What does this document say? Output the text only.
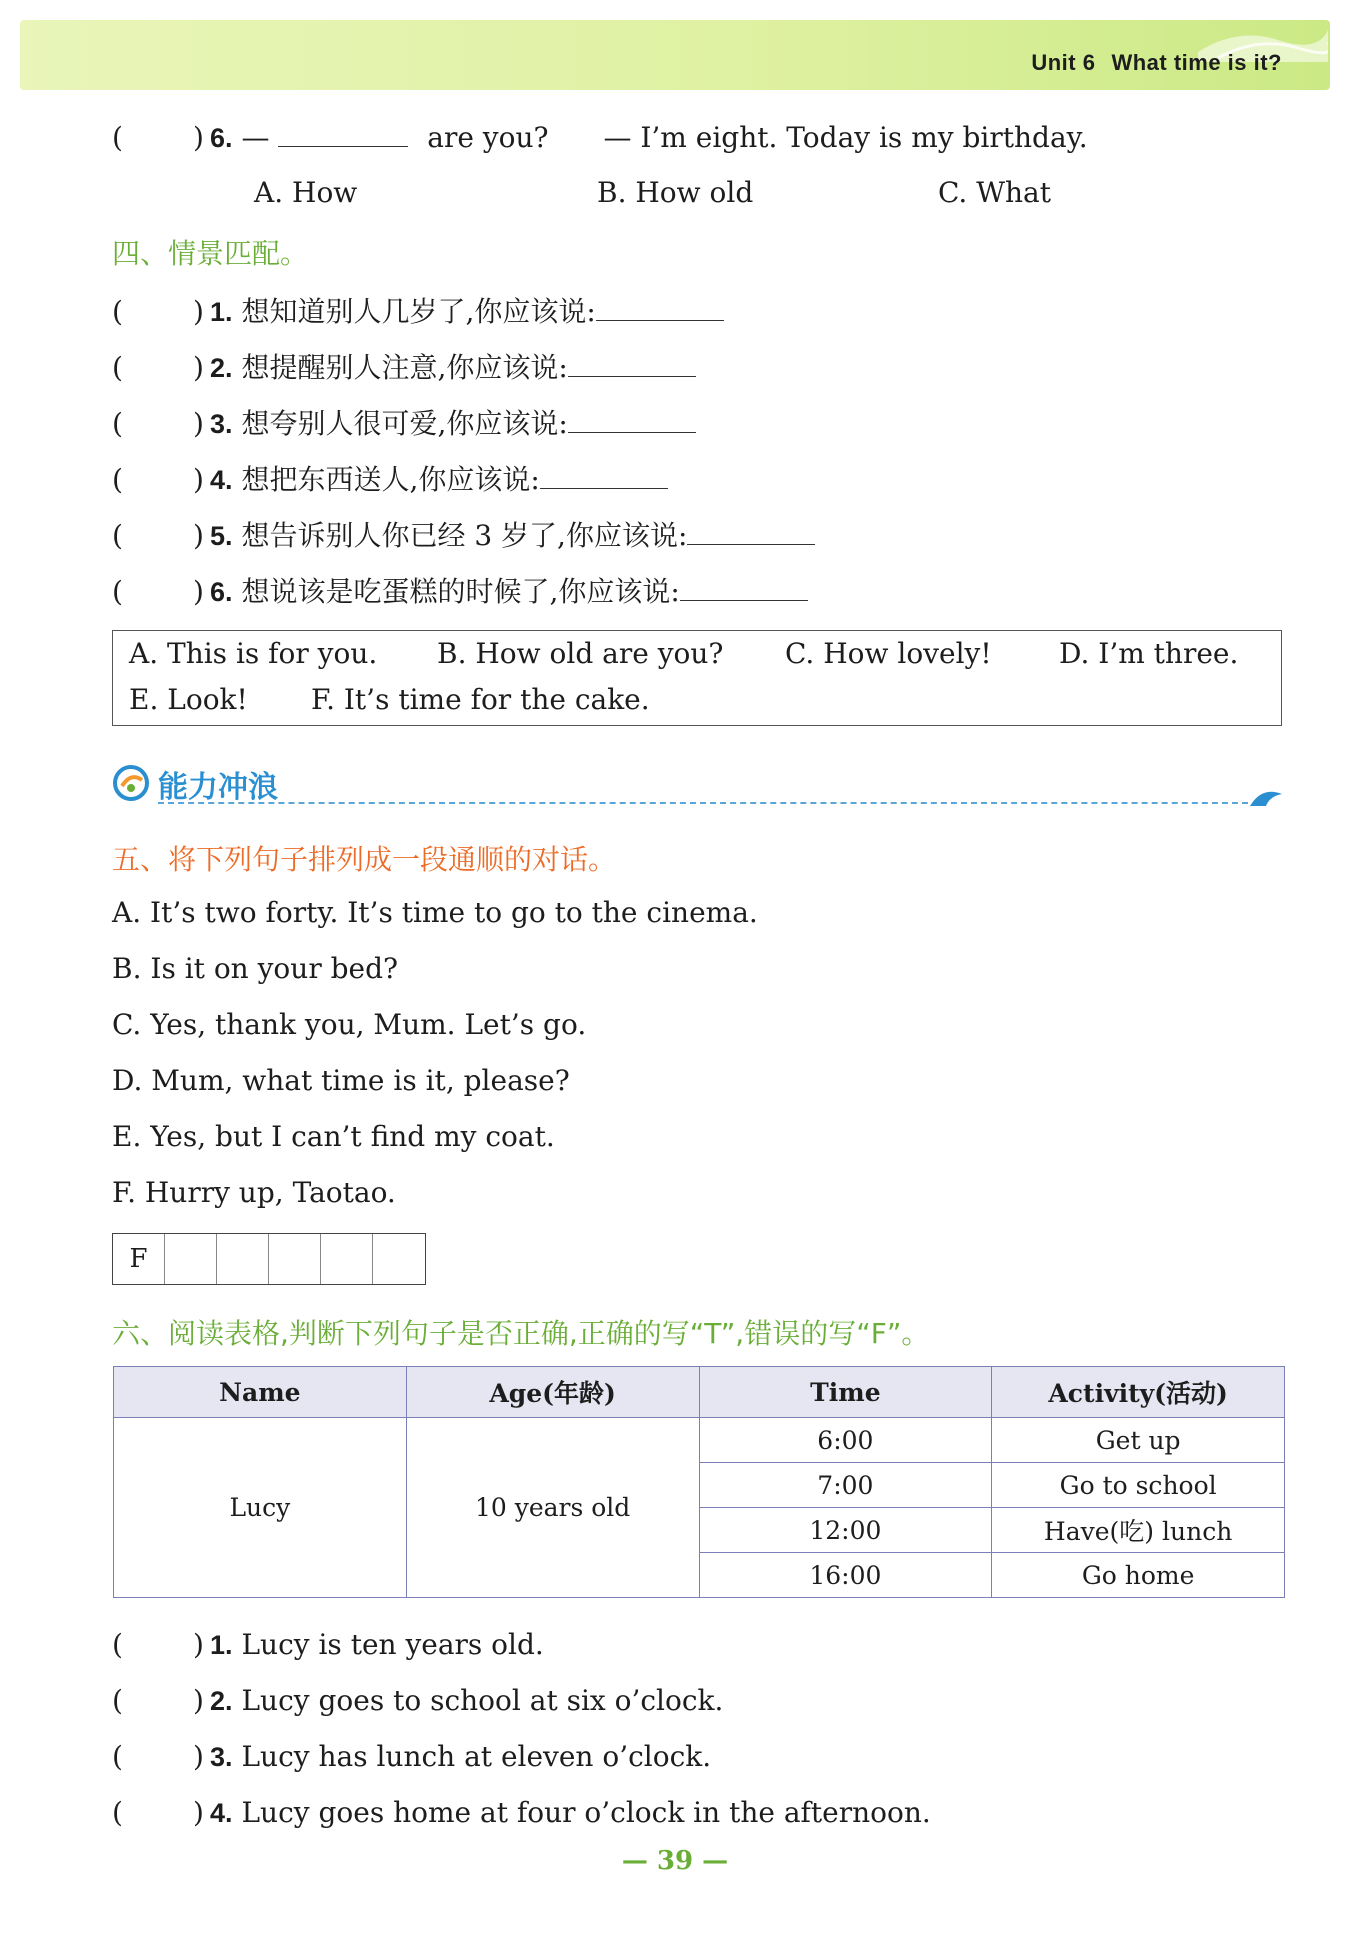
Unit 6 What time is it?
(	) 6. —	are you? — I’m eight. Today is my birthday.
A. How	B. How old	C. What
四、情景匹配。
(	) 1. 想知道别人几岁了,你应该说:
(	) 2. 想提醒别人注意,你应该说:
(	) 3. 想夸别人很可爱,你应该说:
(	) 4. 想把东西送人,你应该说:
(	) 5. 想告诉别人你已经 3 岁了,你应该说:
(	) 6. 想说该是吃蛋糕的时候了,你应该说:
A. This is for you. B. How old are you? C. How lovely! D. I’m three.
E. Look! F. It’s time for the cake.
能力冲浪
五、将下列句子排列成一段通顺的对话。
A. It’s two forty. It’s time to go to the cinema.
B. Is it on your bed?
C. Yes, thank you, Mum. Let’s go.
D. Mum, what time is it, please?
E. Yes, but I can’t find my coat.
F. Hurry up, Taotao.
F
六、阅读表格,判断下列句子是否正确,正确的写“T”,错误的写“F”。
Name	Age(年龄)	Time	Activity(活动)
Lucy	10 years old	6:00	Get up
		7:00	Go to school
		12:00	Have(吃) lunch
		16:00	Go home
(	) 1. Lucy is ten years old.
(	) 2. Lucy goes to school at six o’clock.
(	) 3. Lucy has lunch at eleven o’clock.
(	) 4. Lucy goes home at four o’clock in the afternoon.
— 39 —
